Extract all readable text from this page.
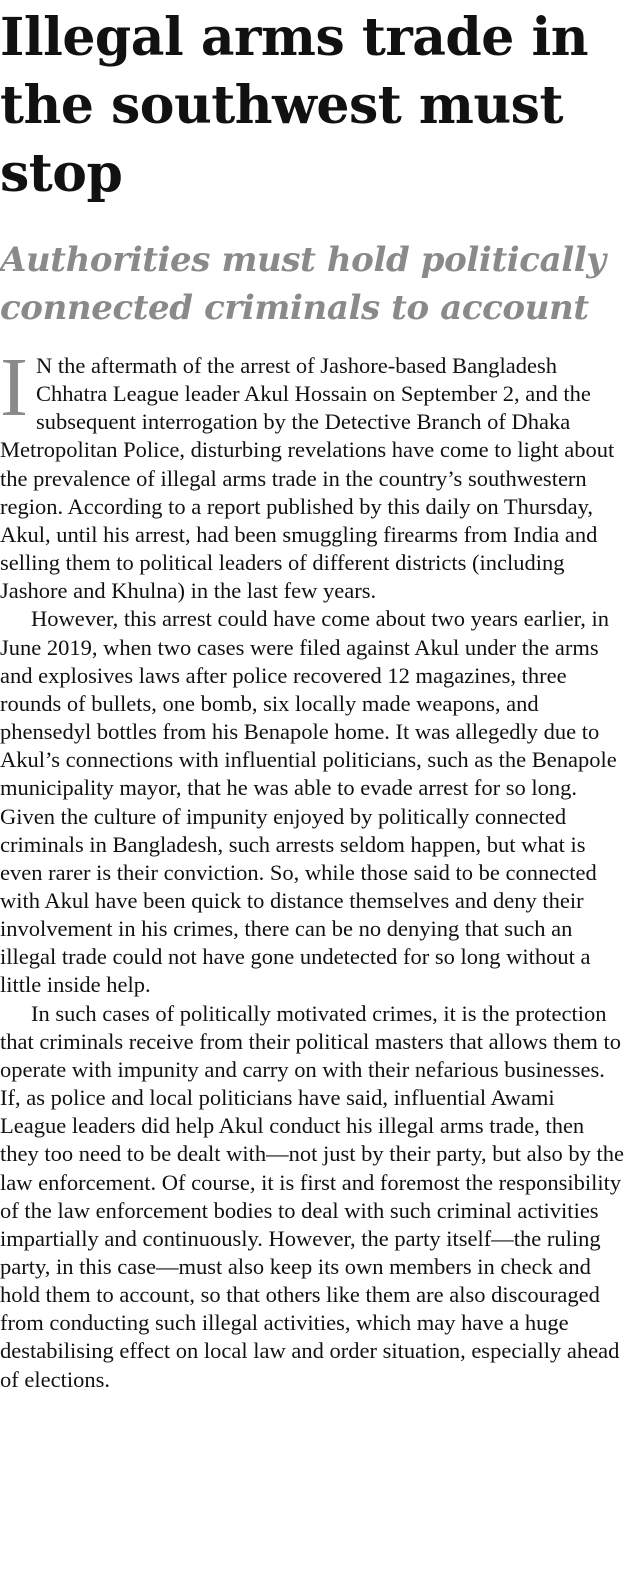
Illegal arms trade in the southwest must stop
Authorities must hold politically connected criminals to account

I N the aftermath of the arrest of Jashore-based Bangladesh Chhatra League leader Akul Hossain on September 2, and the subsequent interrogation by the Detective Branch of Dhaka Metropolitan Police, disturbing revelations have come to light about the prevalence of illegal arms trade in the country’s southwestern region. According to a report published by this daily on Thursday, Akul, until his arrest, had been smuggling firearms from India and selling them to political leaders of different districts (including Jashore and Khulna) in the last few years.

However, this arrest could have come about two years earlier, in June 2019, when two cases were filed against Akul under the arms and explosives laws after police recovered 12 magazines, three rounds of bullets, one bomb, six locally made weapons, and phensedyl bottles from his Benapole home. It was allegedly due to Akul’s connections with influential politicians, such as the Benapole municipality mayor, that he was able to evade arrest for so long. Given the culture of impunity enjoyed by politically connected criminals in Bangladesh, such arrests seldom happen, but what is even rarer is their conviction. So, while those said to be connected with Akul have been quick to distance themselves and deny their involvement in his crimes, there can be no denying that such an illegal trade could not have gone undetected for so long without a little inside help.

In such cases of politically motivated crimes, it is the protection that criminals receive from their political masters that allows them to operate with impunity and carry on with their nefarious businesses. If, as police and local politicians have said, influential Awami League leaders did help Akul conduct his illegal arms trade, then they too need to be dealt with—not just by their party, but also by the law enforcement. Of course, it is first and foremost the responsibility of the law enforcement bodies to deal with such criminal activities impartially and continuously. However, the party itself—the ruling party, in this case—must also keep its own members in check and hold them to account, so that others like them are also discouraged from conducting such illegal activities, which may have a huge destabilising effect on local law and order situation, especially ahead of elections.
